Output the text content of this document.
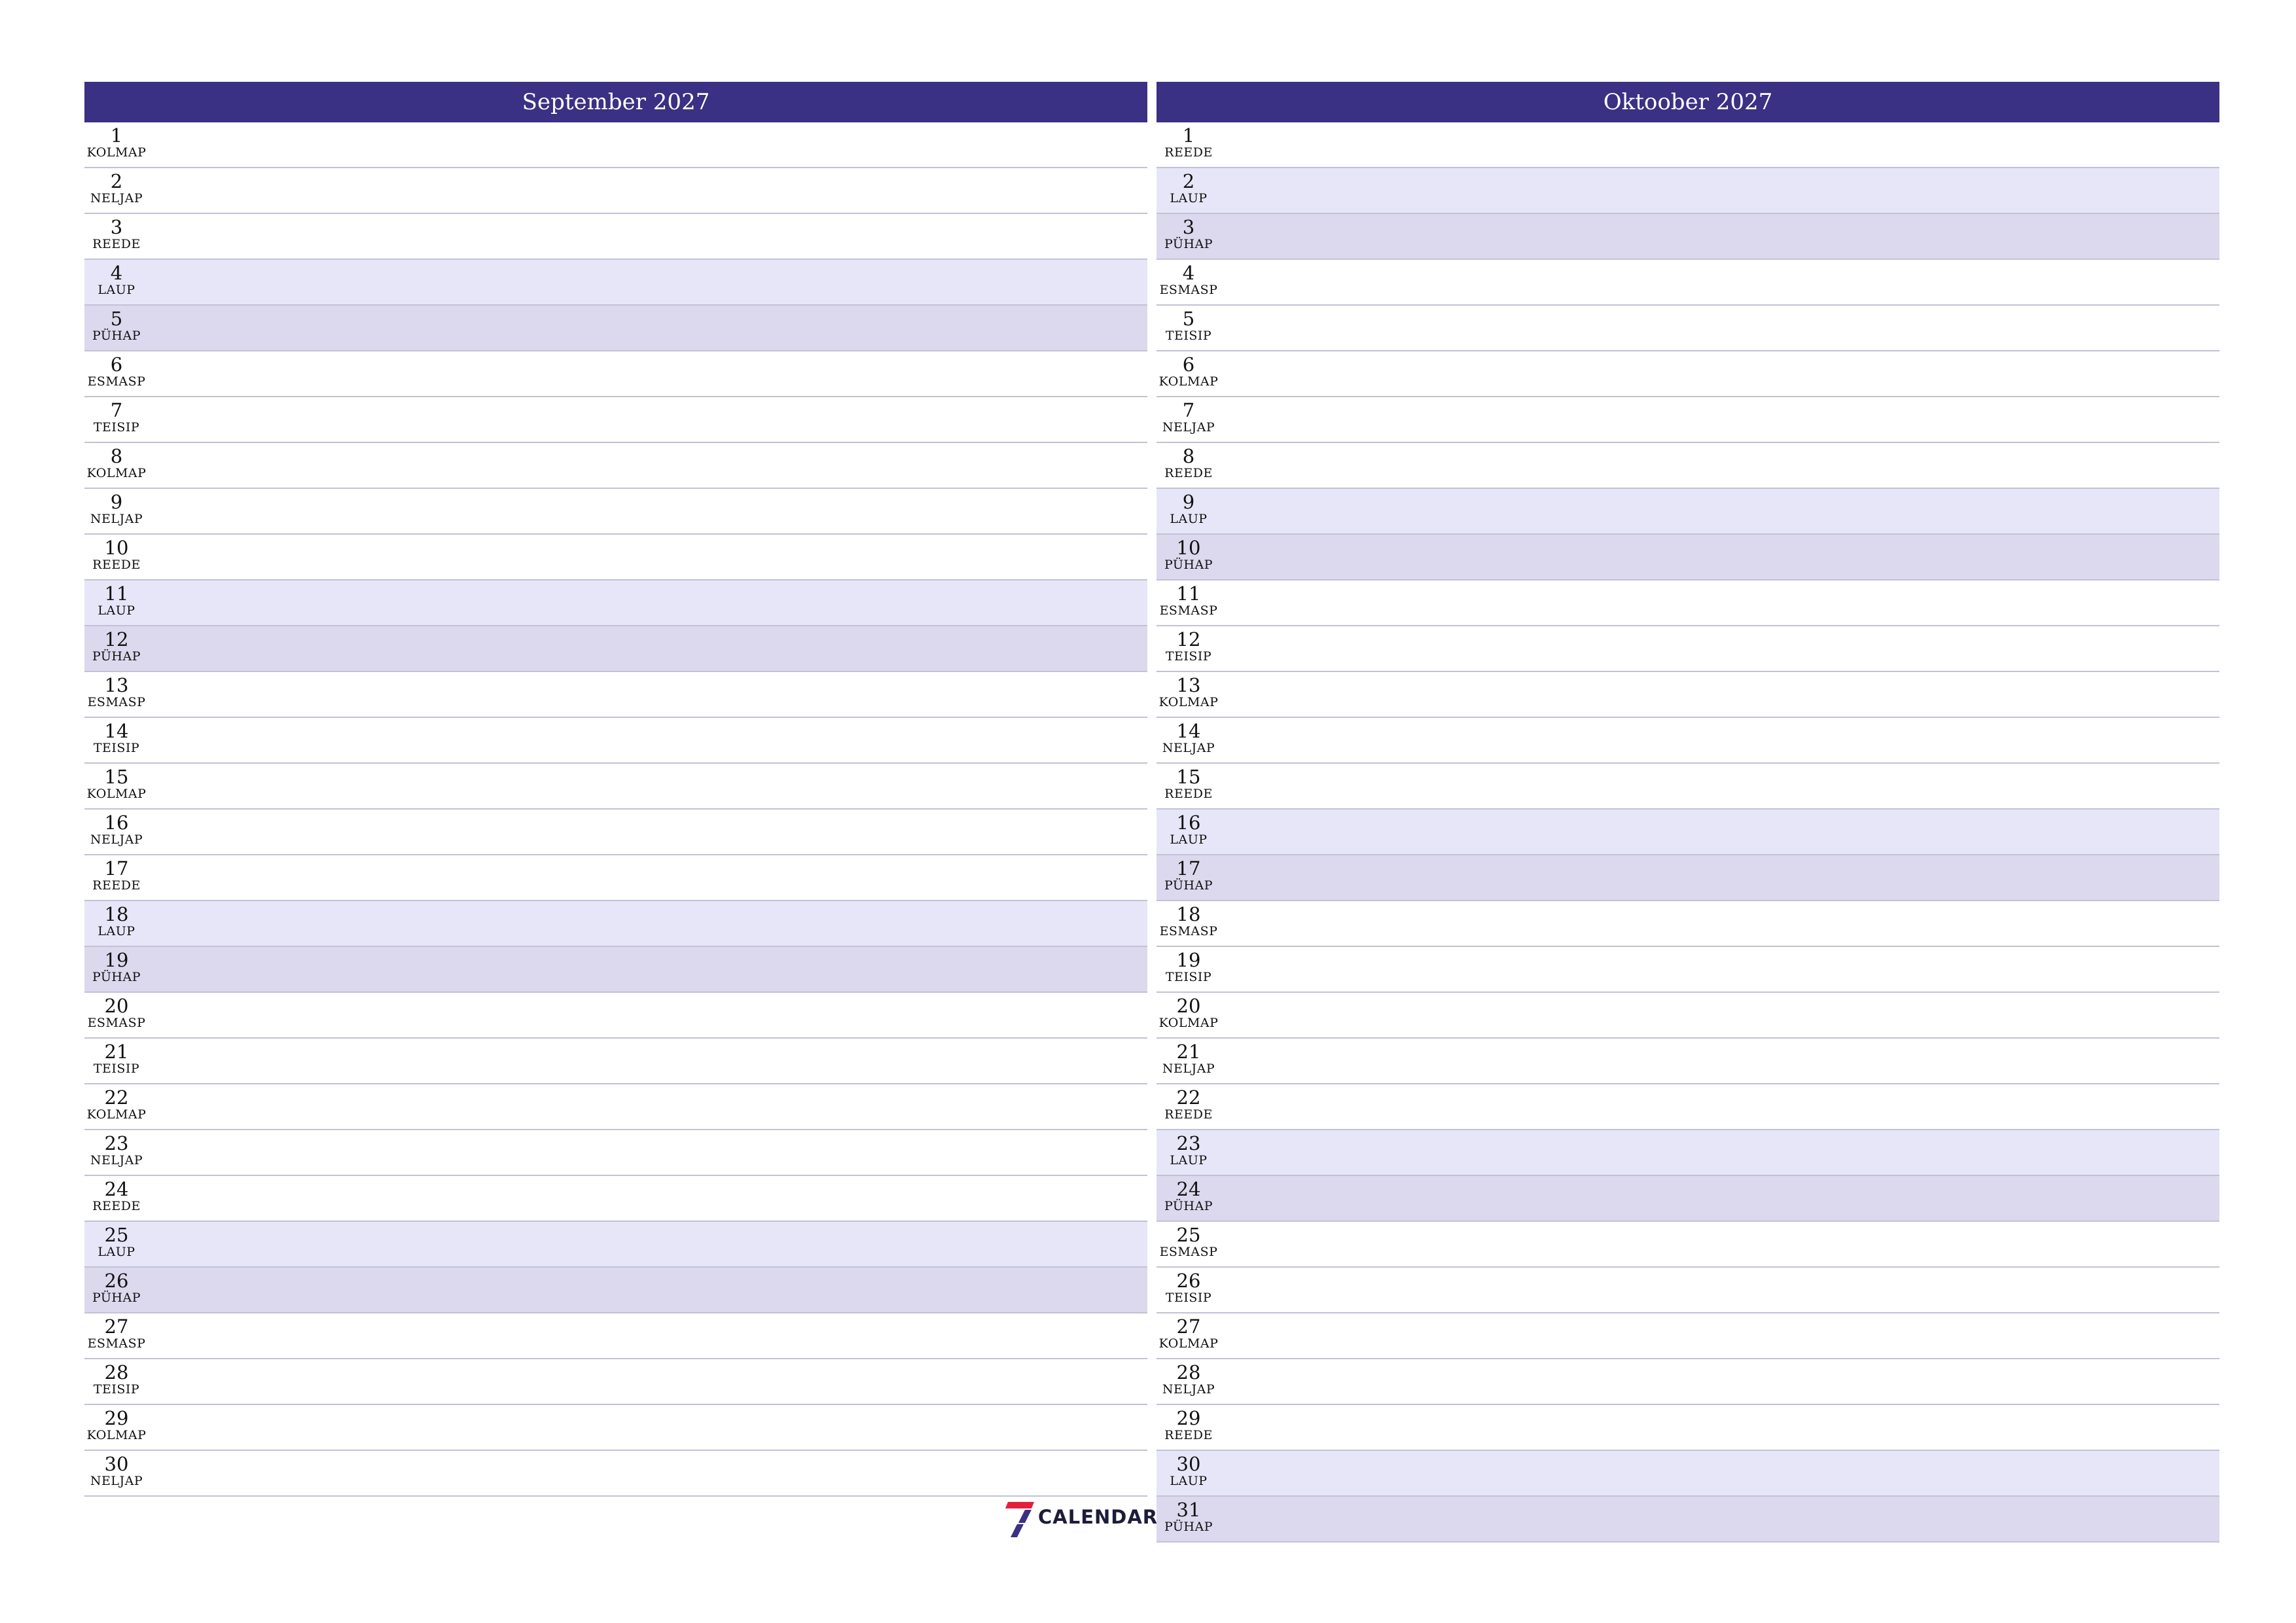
September 2027
1
KOLMAP
2
NELJAP
3
REEDE
4
LAUP
5
PÜHAP
6
ESMASP
7
TEISIP
8
KOLMAP
9
NELJAP
10
REEDE
11
LAUP
12
PÜHAP
13
ESMASP
14
TEISIP
15
KOLMAP
16
NELJAP
17
REEDE
18
LAUP
19
PÜHAP
20
ESMASP
21
TEISIP
22
KOLMAP
23
NELJAP
24
REEDE
25
LAUP
26
PÜHAP
27
ESMASP
28
TEISIP
29
KOLMAP
30
NELJAP
Oktoober 2027
1
REEDE
2
LAUP
3
PÜHAP
4
ESMASP
5
TEISIP
6
KOLMAP
7
NELJAP
8
REEDE
9
LAUP
10
PÜHAP
11
ESMASP
12
TEISIP
13
KOLMAP
14
NELJAP
15
REEDE
16
LAUP
17
PÜHAP
18
ESMASP
19
TEISIP
20
KOLMAP
21
NELJAP
22
REEDE
23
LAUP
24
PÜHAP
25
ESMASP
26
TEISIP
27
KOLMAP
28
NELJAP
29
REEDE
30
LAUP
31
PÜHAP
CALENDAR
